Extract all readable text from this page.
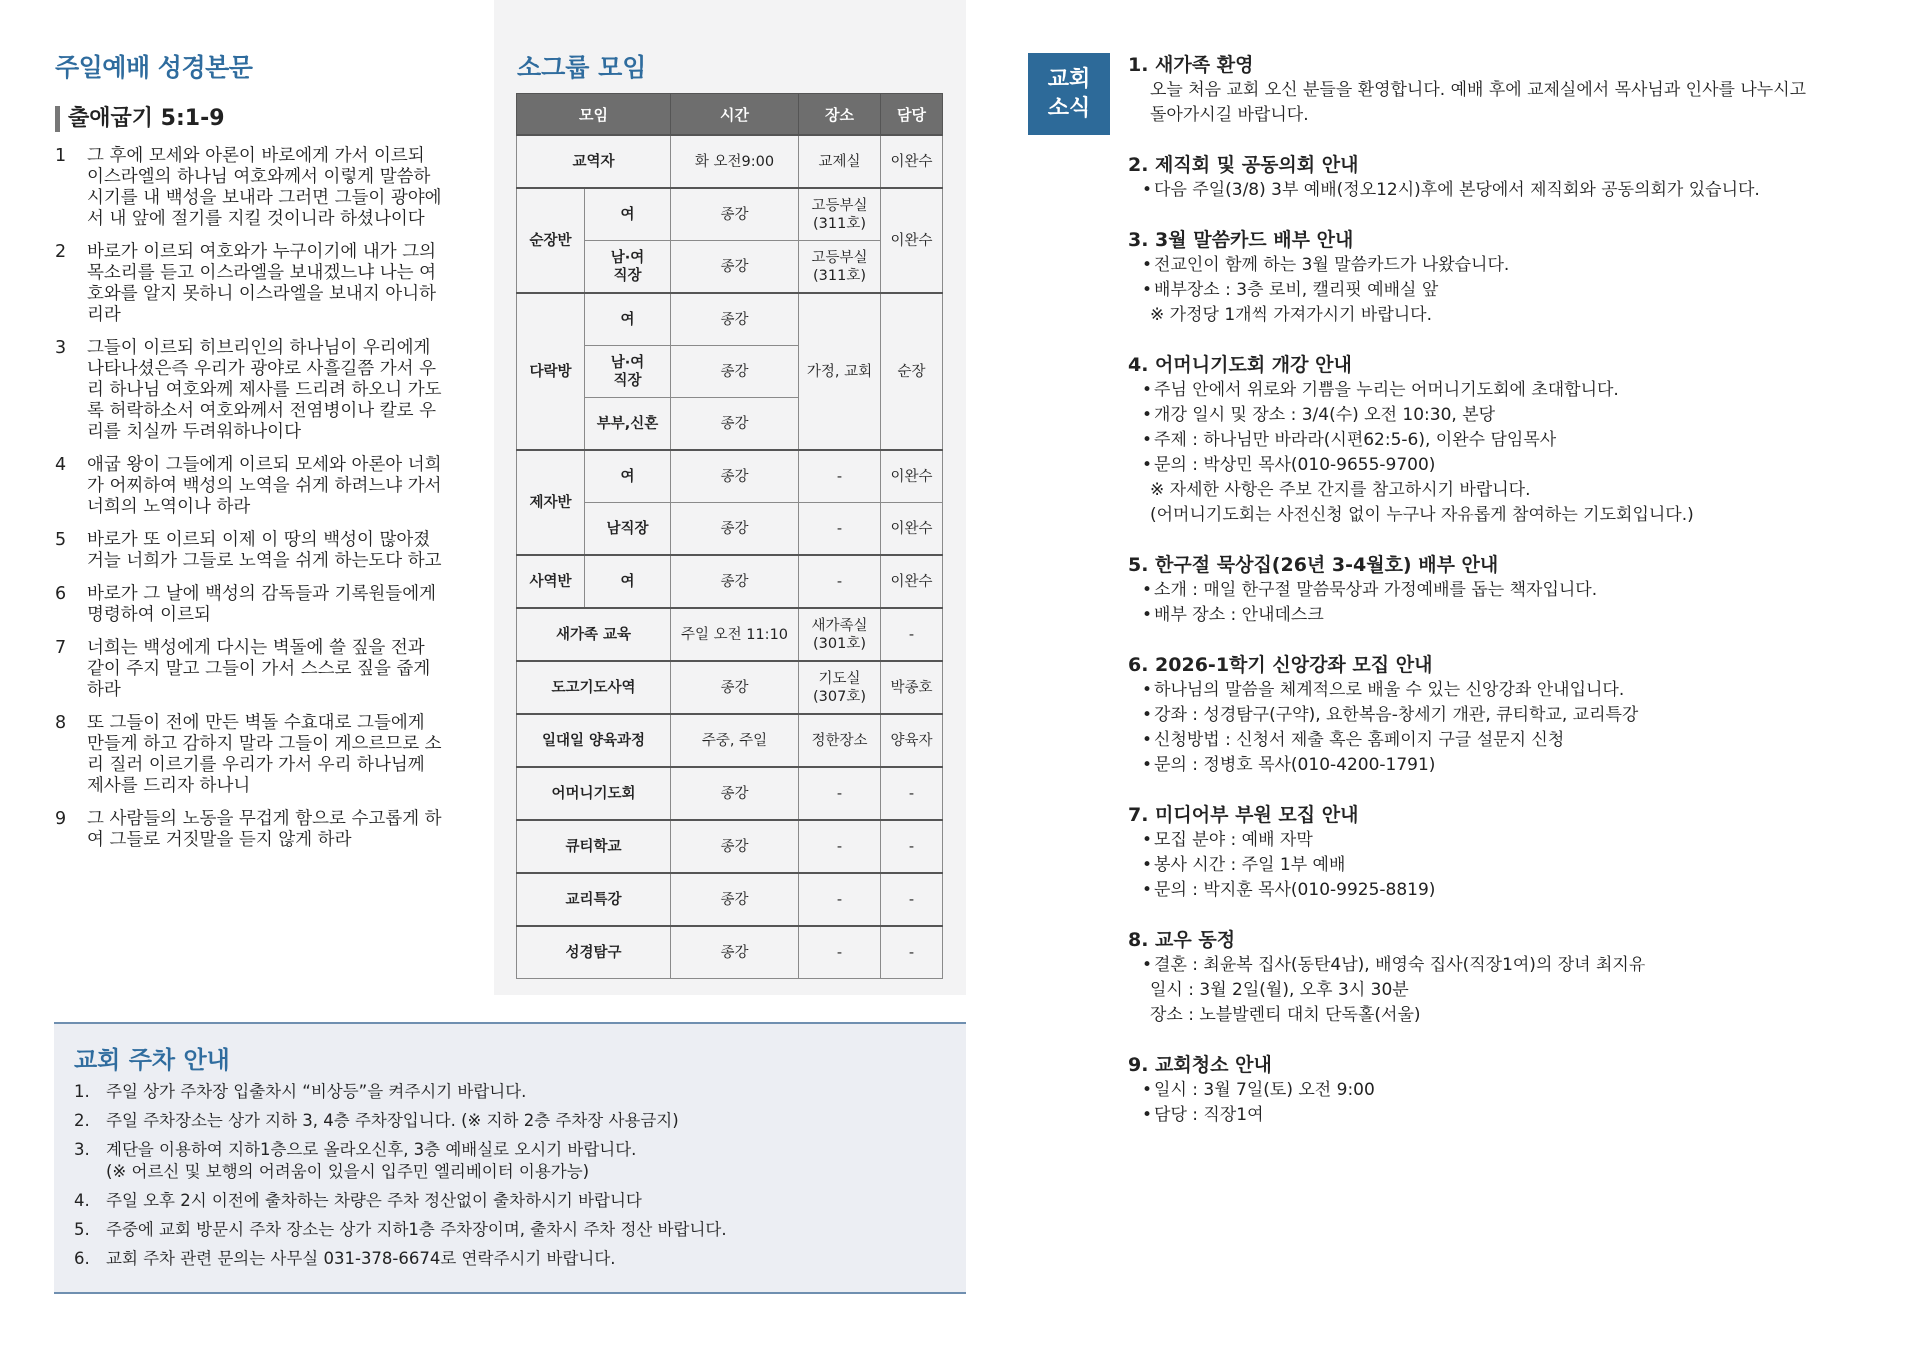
주일예배 성경본문
출애굽기 5:1-9
1	그 후에 모세와 아론이 바로에게 가서 이르되 이스라엘의 하나님 여호와께서 이렇게 말씀하시기를 내 백성을 보내라 그러면 그들이 광야에서 내 앞에 절기를 지킬 것이니라 하셨나이다
2	바로가 이르되 여호와가 누구이기에 내가 그의 목소리를 듣고 이스라엘을 보내겠느냐 나는 여호와를 알지 못하니 이스라엘을 보내지 아니하리라
3	그들이 이르되 히브리인의 하나님이 우리에게 나타나셨은즉 우리가 광야로 사흘길쯤 가서 우리 하나님 여호와께 제사를 드리려 하오니 가도록 허락하소서 여호와께서 전염병이나 칼로 우리를 치실까 두려워하나이다
4	애굽 왕이 그들에게 이르되 모세와 아론아 너희가 어찌하여 백성의 노역을 쉬게 하려느냐 가서 너희의 노역이나 하라
5	바로가 또 이르되 이제 이 땅의 백성이 많아졌거늘 너희가 그들로 노역을 쉬게 하는도다 하고
6	바로가 그 날에 백성의 감독들과 기록원들에게 명령하여 이르되
7	너희는 백성에게 다시는 벽돌에 쓸 짚을 전과 같이 주지 말고 그들이 가서 스스로 짚을 줍게 하라
8	또 그들이 전에 만든 벽돌 수효대로 그들에게 만들게 하고 감하지 말라 그들이 게으르므로 소리 질러 이르기를 우리가 가서 우리 하나님께 제사를 드리자 하나니
9	그 사람들의 노동을 무겁게 함으로 수고롭게 하여 그들로 거짓말을 듣지 않게 하라
소그룹 모임
모임		시간	장소	담당
교역자		화 오전9:00	교제실	이완수
순장반	여	종강	고등부실
(311호)	이완수
	남·여
직장	종강	고등부실
(311호)	
다락방	여	종강	가정, 교회	순장
	남·여
직장	종강		
	부부,신혼	종강		
제자반	여	종강	-	이완수
	남직장	종강	-	이완수
사역반	여	종강	-	이완수
새가족 교육		주일 오전 11:10	새가족실
(301호)	-
도고기도사역		종강	기도실
(307호)	박종호
일대일 양육과정		주중, 주일	정한장소	양육자
어머니기도회		종강	-	-
큐티학교		종강	-	-
교리특강		종강	-	-
성경탐구		종강	-	-
교회 주차 안내
1. 주일 상가 주차장 입출차시 “비상등”을 켜주시기 바랍니다.
2. 주일 주차장소는 상가 지하 3, 4층 주차장입니다. (※ 지하 2층 주차장 사용금지)
3. 계단을 이용하여 지하1층으로 올라오신후, 3층 예배실로 오시기 바랍니다.
(※ 어르신 및 보행의 어려움이 있을시 입주민 엘리베이터 이용가능)
4. 주일 오후 2시 이전에 출차하는 차량은 주차 정산없이 출차하시기 바랍니다
5. 주중에 교회 방문시 주차 장소는 상가 지하1층 주차장이며, 출차시 주차 정산 바랍니다.
6. 교회 주차 관련 문의는 사무실 031-378-6674로 연락주시기 바랍니다.
교회
소식
1. 새가족 환영
오늘 처음 교회 오신 분들을 환영합니다. 예배 후에 교제실에서 목사님과 인사를 나누시고
돌아가시길 바랍니다.
2. 제직회 및 공동의회 안내
• 다음 주일(3/8) 3부 예배(정오12시)후에 본당에서 제직회와 공동의회가 있습니다.
3. 3월 말씀카드 배부 안내
• 전교인이 함께 하는 3월 말씀카드가 나왔습니다.
• 배부장소 : 3층 로비, 캘리핏 예배실 앞
※ 가정당 1개씩 가져가시기 바랍니다.
4. 어머니기도회 개강 안내
• 주님 안에서 위로와 기쁨을 누리는 어머니기도회에 초대합니다.
• 개강 일시 및 장소 : 3/4(수) 오전 10:30, 본당
• 주제 : 하나님만 바라라(시편62:5-6), 이완수 담임목사
• 문의 : 박상민 목사(010-9655-9700)
※ 자세한 사항은 주보 간지를 참고하시기 바랍니다.
(어머니기도회는 사전신청 없이 누구나 자유롭게 참여하는 기도회입니다.)
5. 한구절 묵상집(26년 3-4월호) 배부 안내
• 소개 : 매일 한구절 말씀묵상과 가정예배를 돕는 책자입니다.
• 배부 장소 : 안내데스크
6. 2026-1학기 신앙강좌 모집 안내
• 하나님의 말씀을 체계적으로 배울 수 있는 신앙강좌 안내입니다.
• 강좌 : 성경탐구(구약), 요한복음-창세기 개관, 큐티학교, 교리특강
• 신청방법 : 신청서 제출 혹은 홈페이지 구글 설문지 신청
• 문의 : 정병호 목사(010-4200-1791)
7. 미디어부 부원 모집 안내
• 모집 분야 : 예배 자막
• 봉사 시간 : 주일 1부 예배
• 문의 : 박지훈 목사(010-9925-8819)
8. 교우 동정
• 결혼 : 최윤복 집사(동탄4남), 배영숙 집사(직장1여)의 장녀 최지유
일시 : 3월 2일(월), 오후 3시 30분
장소 : 노블발렌티 대치 단독홀(서울)
9. 교회청소 안내
• 일시 : 3월 7일(토) 오전 9:00
• 담당 : 직장1여
